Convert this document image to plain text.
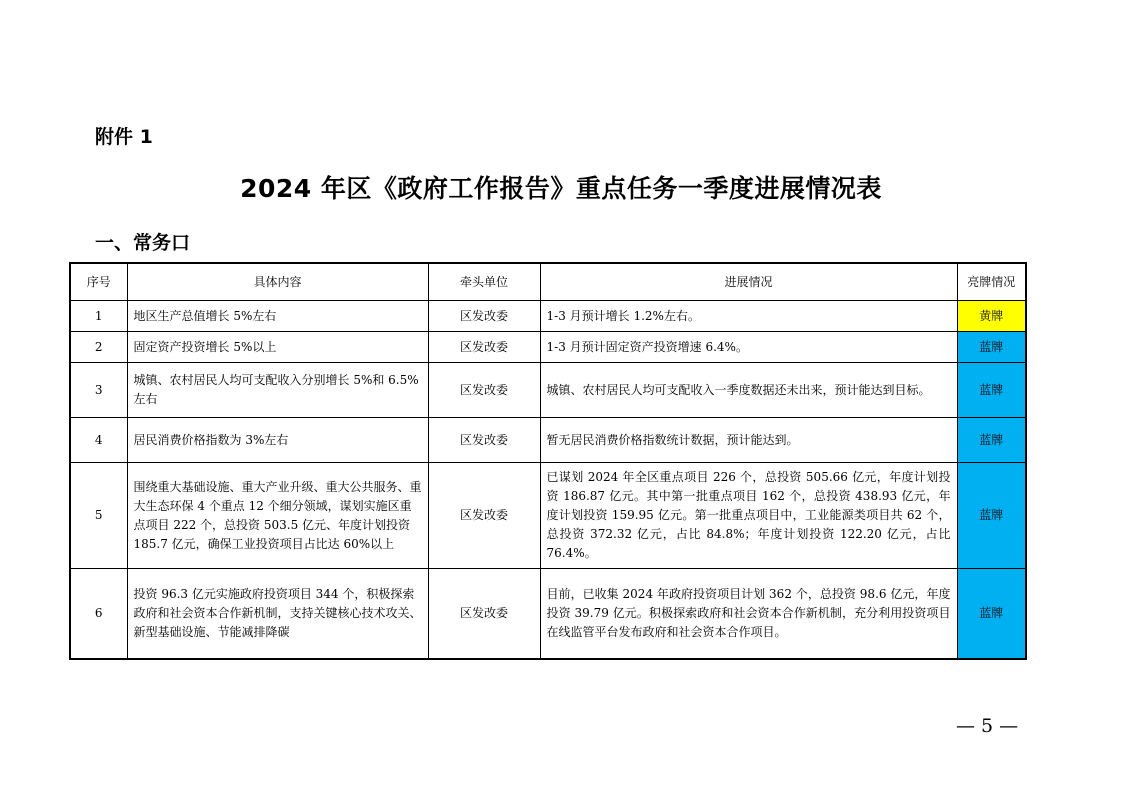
附件 1
2024 年区《政府工作报告》重点任务一季度进展情况表
一、常务口
序号	具体内容	牵头单位	进展情况	亮牌情况
1	地区生产总值增长 5%左右	区发改委	1-3 月预计增长 1.2%左右。	黄牌
2	固定资产投资增长 5%以上	区发改委	1-3 月预计固定资产投资增速 6.4%。	蓝牌
3	城镇、农村居民人均可支配收入分别增长 5%和 6.5%左右	区发改委	城镇、农村居民人均可支配收入一季度数据还未出来，预计能达到目标。	蓝牌
4	居民消费价格指数为 3%左右	区发改委	暂无居民消费价格指数统计数据，预计能达到。	蓝牌
5	围绕重大基础设施、重大产业升级、重大公共服务、重大生态环保 4 个重点 12 个细分领域，谋划实施区重点项目 222 个，总投资 503.5 亿元、年度计划投资 185.7 亿元，确保工业投资项目占比达 60%以上	区发改委	已谋划 2024 年全区重点项目 226 个，总投资 505.66 亿元，年度计划投资 186.87 亿元。其中第一批重点项目 162 个，总投资 438.93 亿元，年度计划投资 159.95 亿元。第一批重点项目中，工业能源类项目共 62 个，总投资 372.32 亿元，占比 84.8%；年度计划投资 122.20 亿元，占比 76.4%。	蓝牌
6	投资 96.3 亿元实施政府投资项目 344 个，积极探索政府和社会资本合作新机制，支持关键核心技术攻关、新型基础设施、节能减排降碳	区发改委	目前，已收集 2024 年政府投资项目计划 362 个，总投资 98.6 亿元，年度投资 39.79 亿元。积极探索政府和社会资本合作新机制，充分利用投资项目在线监管平台发布政府和社会资本合作项目。	蓝牌
— 5 —
